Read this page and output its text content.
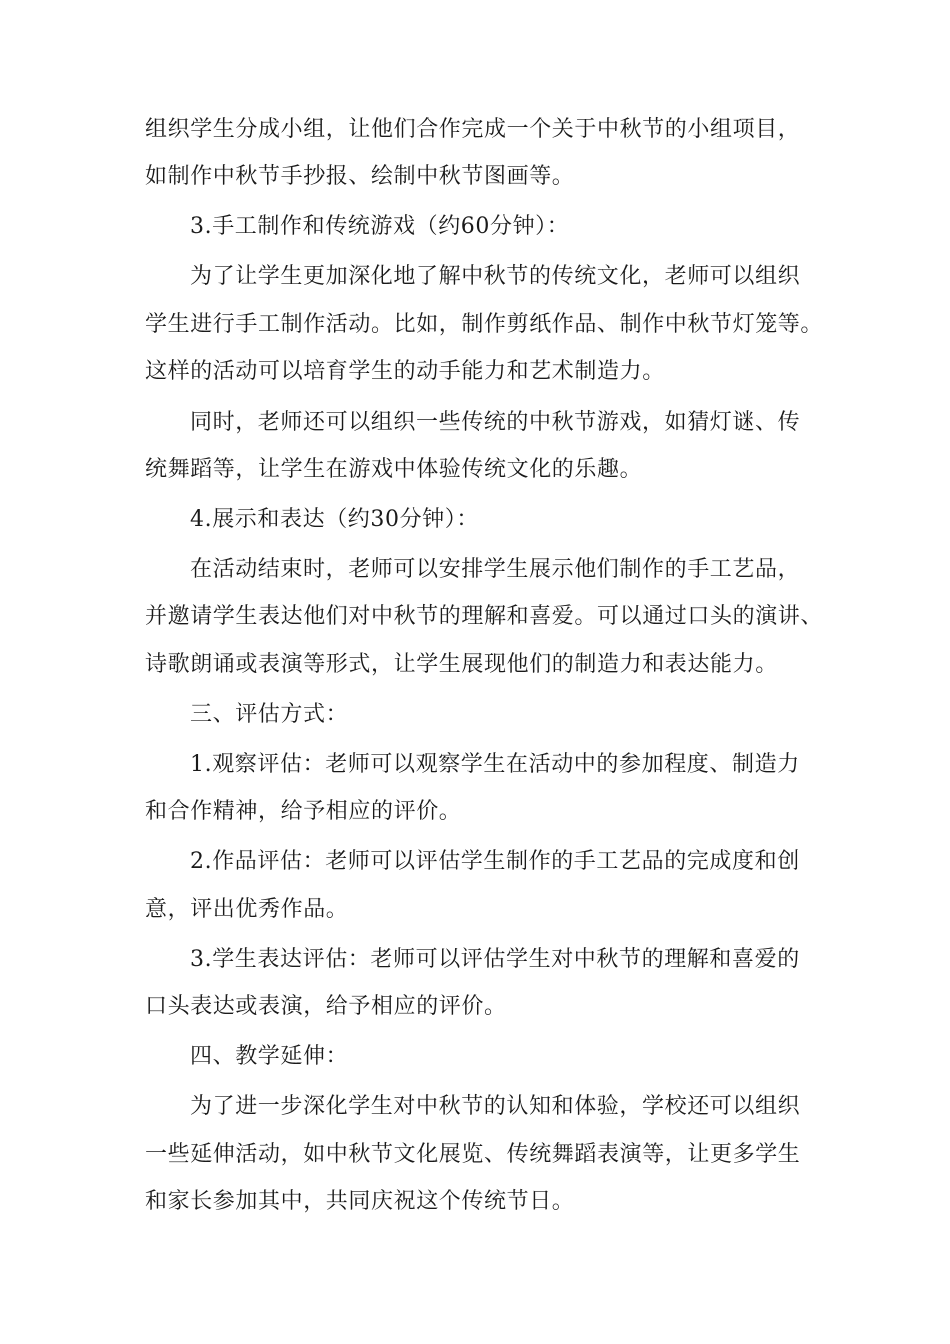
组织学生分成小组，让他们合作完成一个关于中秋节的小组项目，

如制作中秋节手抄报、绘制中秋节图画等。

3.手工制作和传统游戏（约60分钟）：

为了让学生更加深化地了解中秋节的传统文化，老师可以组织

学生进行手工制作活动。比如，制作剪纸作品、制作中秋节灯笼等。

这样的活动可以培育学生的动手能力和艺术制造力。

同时，老师还可以组织一些传统的中秋节游戏，如猜灯谜、传

统舞蹈等，让学生在游戏中体验传统文化的乐趣。

4.展示和表达（约30分钟）：

在活动结束时，老师可以安排学生展示他们制作的手工艺品，

并邀请学生表达他们对中秋节的理解和喜爱。可以通过口头的演讲、

诗歌朗诵或表演等形式，让学生展现他们的制造力和表达能力。

三、评估方式：

1.观察评估：老师可以观察学生在活动中的参加程度、制造力

和合作精神，给予相应的评价。

2.作品评估：老师可以评估学生制作的手工艺品的完成度和创

意，评出优秀作品。

3.学生表达评估：老师可以评估学生对中秋节的理解和喜爱的

口头表达或表演，给予相应的评价。

四、教学延伸：

为了进一步深化学生对中秋节的认知和体验，学校还可以组织

一些延伸活动，如中秋节文化展览、传统舞蹈表演等，让更多学生

和家长参加其中，共同庆祝这个传统节日。
